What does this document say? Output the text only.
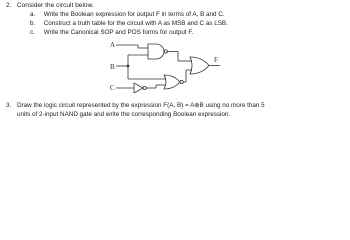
2. Consider the circuit below.
a. Write the Boolean expression for output F in terms of A, B and C.
b. Construct a truth table for the circuit with A as MSB and C as LSB.
c. Write the Canonical SOP and POS forms for output F.
A
B
C
F
3. Draw the logic circuit represented by the expression F(A, B) = A⊕B using no more than 5
units of 2-input NAND gate and write the corresponding Boolean expression.
